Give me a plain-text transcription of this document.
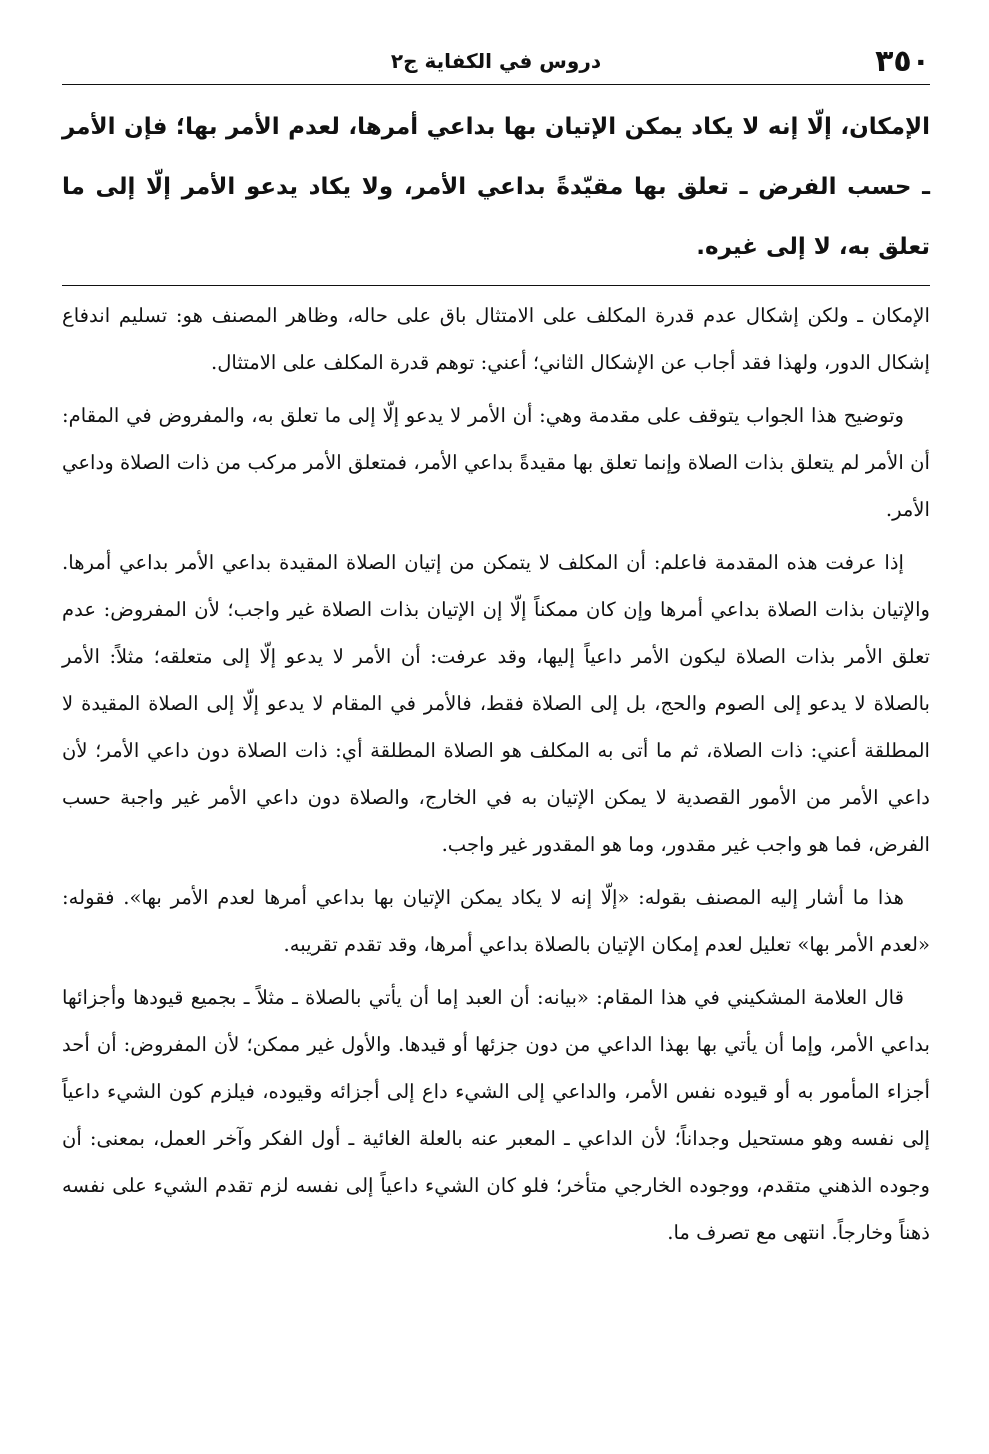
٣٥٠
دروس في الكفاية ج٢
الإمكان، إلّا إنه لا يكاد يمكن الإتيان بها بداعي أمرها، لعدم الأمر بها؛ فإن الأمر ـ حسب الفرض ـ تعلق بها مقيّدةً بداعي الأمر، ولا يكاد يدعو الأمر إلّا إلى ما تعلق به، لا إلى غيره.

الإمكان ـ ولكن إشكال عدم قدرة المكلف على الامتثال باق على حاله، وظاهر المصنف هو: تسليم اندفاع إشكال الدور، ولهذا فقد أجاب عن الإشكال الثاني؛ أعني: توهم قدرة المكلف على الامتثال.

وتوضيح هذا الجواب يتوقف على مقدمة وهي: أن الأمر لا يدعو إلّا إلى ما تعلق به، والمفروض في المقام: أن الأمر لم يتعلق بذات الصلاة وإنما تعلق بها مقيدةً بداعي الأمر، فمتعلق الأمر مركب من ذات الصلاة وداعي الأمر.

إذا عرفت هذه المقدمة فاعلم: أن المكلف لا يتمكن من إتيان الصلاة المقيدة بداعي الأمر بداعي أمرها. والإتيان بذات الصلاة بداعي أمرها وإن كان ممكناً إلّا إن الإتيان بذات الصلاة غير واجب؛ لأن المفروض: عدم تعلق الأمر بذات الصلاة ليكون الأمر داعياً إليها، وقد عرفت: أن الأمر لا يدعو إلّا إلى متعلقه؛ مثلاً: الأمر بالصلاة لا يدعو إلى الصوم والحج، بل إلى الصلاة فقط، فالأمر في المقام لا يدعو إلّا إلى الصلاة المقيدة لا المطلقة أعني: ذات الصلاة، ثم ما أتى به المكلف هو الصلاة المطلقة أي: ذات الصلاة دون داعي الأمر؛ لأن داعي الأمر من الأمور القصدية لا يمكن الإتيان به في الخارج، والصلاة دون داعي الأمر غير واجبة حسب الفرض، فما هو واجب غير مقدور، وما هو المقدور غير واجب.

هذا ما أشار إليه المصنف بقوله: «إلّا إنه لا يكاد يمكن الإتيان بها بداعي أمرها لعدم الأمر بها». فقوله: «لعدم الأمر بها» تعليل لعدم إمكان الإتيان بالصلاة بداعي أمرها، وقد تقدم تقريبه.

قال العلامة المشكيني في هذا المقام: «بيانه: أن العبد إما أن يأتي بالصلاة ـ مثلاً ـ بجميع قيودها وأجزائها بداعي الأمر، وإما أن يأتي بها بهذا الداعي من دون جزئها أو قيدها. والأول غير ممكن؛ لأن المفروض: أن أحد أجزاء المأمور به أو قيوده نفس الأمر، والداعي إلى الشيء داع إلى أجزائه وقيوده، فيلزم كون الشيء داعياً إلى نفسه وهو مستحيل وجداناً؛ لأن الداعي ـ المعبر عنه بالعلة الغائية ـ أول الفكر وآخر العمل، بمعنى: أن وجوده الذهني متقدم، ووجوده الخارجي متأخر؛ فلو كان الشيء داعياً إلى نفسه لزم تقدم الشيء على نفسه ذهناً وخارجاً. انتهى مع تصرف ما.
